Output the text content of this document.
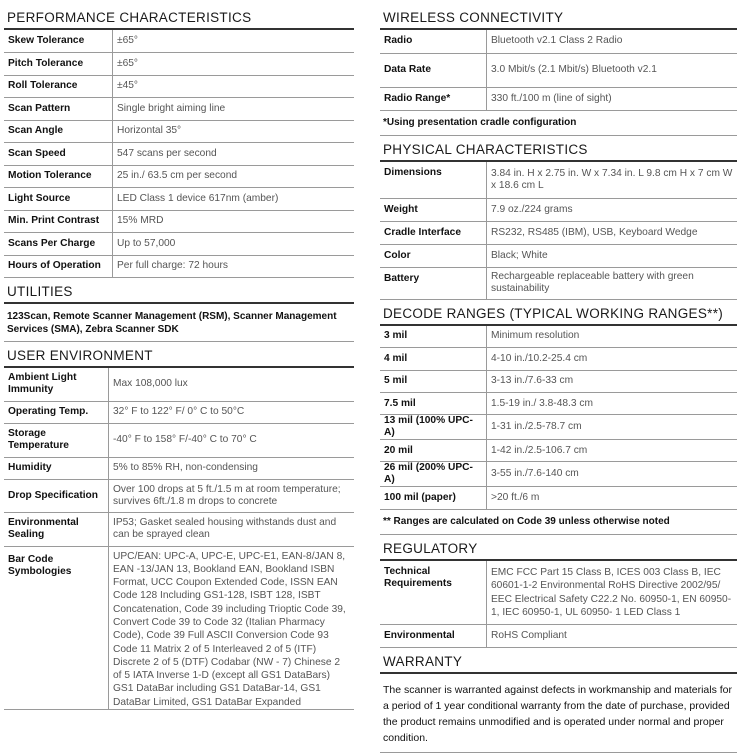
PERFORMANCE CHARACTERISTICS
Skew Tolerance	±65°
Pitch Tolerance	±65°
Roll Tolerance	±45°
Scan Pattern	Single bright aiming line
Scan Angle	Horizontal 35°
Scan Speed	547 scans per second
Motion Tolerance	25 in./ 63.5 cm per second
Light Source	LED Class 1 device 617nm (amber)
Min. Print Contrast	15% MRD
Scans Per Charge	Up to 57,000
Hours of Operation	Per full charge: 72 hours
UTILITIES
123Scan, Remote Scanner Management (RSM), Scanner Management Services (SMA), Zebra Scanner SDK
USER ENVIRONMENT
Ambient Light Immunity	Max 108,000 lux
Operating Temp.	32° F to 122° F/ 0° C to 50°C
Storage Temperature	-40° F to 158° F/-40° C to 70° C
Humidity	5% to 85% RH, non-condensing
Drop Specification	Over 100 drops at 5 ft./1.5 m at room temperature; survives 6ft./1.8 m drops to concrete
Environmental Sealing	IP53; Gasket sealed housing withstands dust and can be sprayed clean
Bar Code Symbologies	UPC/EAN: UPC-A, UPC-E, UPC-E1, EAN-8/JAN 8, EAN -13/JAN 13, Bookland EAN, Bookland ISBN Format, UCC Coupon Extended Code, ISSN EAN Code 128 Including GS1-128, ISBT 128, ISBT Concatenation, Code 39 including Trioptic Code 39, Convert Code 39 to Code 32 (Italian Pharmacy Code), Code 39 Full ASCII Conversion Code 93 Code 11 Matrix 2 of 5 Interleaved 2 of 5 (ITF) Discrete 2 of 5 (DTF) Codabar (NW - 7) Chinese 2 of 5 IATA Inverse 1-D (except all GS1 DataBars) GS1 DataBar including GS1 DataBar-14, GS1 DataBar Limited, GS1 DataBar Expanded
WIRELESS CONNECTIVITY
Radio	Bluetooth v2.1 Class 2 Radio
Data Rate	3.0 Mbit/s (2.1 Mbit/s) Bluetooth v2.1
Radio Range*	330 ft./100 m (line of sight)
*Using presentation cradle configuration
PHYSICAL CHARACTERISTICS
Dimensions	3.84 in. H x 2.75 in. W x 7.34 in. L 9.8 cm H x 7 cm W x 18.6 cm L
Weight	7.9 oz./224 grams
Cradle Interface	RS232, RS485 (IBM), USB, Keyboard Wedge
Color	Black; White
Battery	Rechargeable replaceable battery with green sustainability
DECODE RANGES (TYPICAL WORKING RANGES**)
3 mil	Minimum resolution
4 mil	4-10 in./10.2-25.4 cm
5 mil	3-13 in./7.6-33 cm
7.5 mil	1.5-19 in./ 3.8-48.3 cm
13 mil (100% UPC-A)	1-31 in./2.5-78.7 cm
20 mil	1-42 in./2.5-106.7 cm
26 mil (200% UPC-A)	3-55 in./7.6-140 cm
100 mil (paper)	>20 ft./6 m
** Ranges are calculated on Code 39 unless otherwise noted
REGULATORY
Technical Requirements	EMC FCC Part 15 Class B, ICES 003 Class B, IEC 60601-1-2 Environmental RoHS Directive 2002/95/ EEC Electrical Safety C22.2 No. 60950-1, EN 60950-1, IEC 60950-1, UL 60950- 1 LED Class 1
Environmental	RoHS Compliant
WARRANTY
The scanner is warranted against defects in workmanship and materials for a period of 1 year conditional warranty from the date of purchase, provided the product remains unmodified and is operated under normal and proper condition.
